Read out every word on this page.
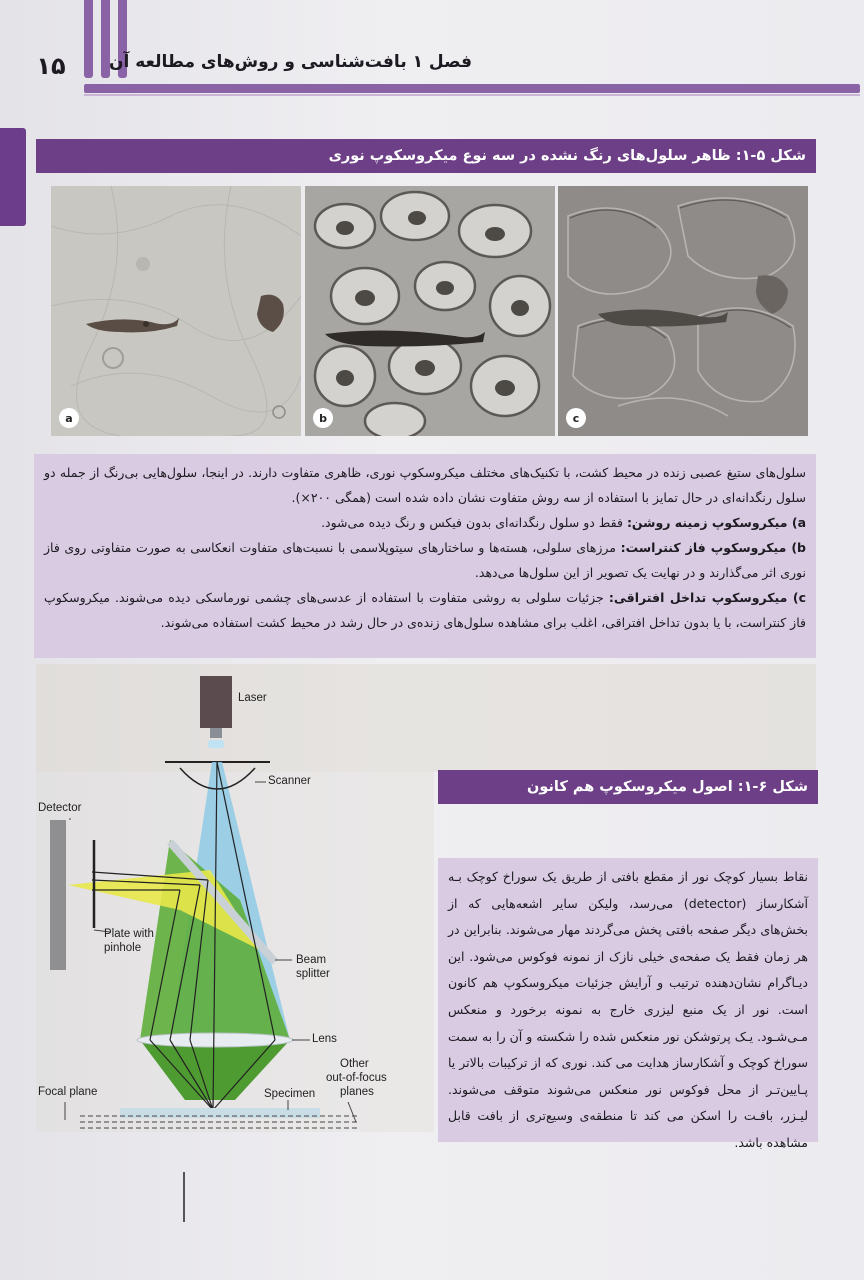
۱۵	فصل ۱ بافت‌شناسی و روش‌های مطالعه آن
شکل ۵-۱: ظاهر سلول‌های رنگ نشده در سه نوع میکروسکوپ نوری
a	b	c

سلول‌های ستیغ عصبی زنده در محیط کشت، با تکنیک‌های مختلف میکروسکوپ نوری، ظاهری متفاوت دارند. در اینجا، سلول‌هایی بی‌رنگ از جمله دو سلول رنگدانه‌ای در حال تمایز با استفاده از سه روش متفاوت نشان داده شده است (همگی ۲۰۰×).

a) میکروسکوپ زمینه روشن: فقط دو سلول رنگدانه‌ای بدون فیکس و رنگ دیده می‌شود.

b) میکروسکوپ فاز کنتراست: مرزهای سلولی، هسته‌ها و ساختارهای سیتوپلاسمی با نسبت‌های متفاوت انعکاسی به صورت متفاوتی روی فاز نوری اثر می‌گذارند و در نهایت یک تصویر از این سلول‌ها می‌دهد.

c) میکروسکوپ تداخل افتراقی: جزئیات سلولی به روشی متفاوت با استفاده از عدسی‌های چشمی نورماسکی دیده می‌شوند. میکروسکوپ فاز کنتراست، با یا بدون تداخل افتراقی، اغلب برای مشاهده سلول‌های زنده‌ی در حال رشد در محیط کشت استفاده می‌شوند.

Laser
Scanner
Detector
Plate with
pinhole
Beam
splitter
Lens
Focal plane	Specimen
Other
out-of-focus
planes
شکل ۶-۱: اصول میکروسکوپ هم کانون
نقاط بسیار کوچک نور از مقطع بافتی از طریق یک سوراخ کوچک بـه آشکارساز (detector) می‌رسد، ولیکن سایر اشعه‌هایی که از بخش‌های دیگر صفحه بافتی پخش می‌گردند مهار می‌شوند. بنابراین در هر زمان فقط یک صفحه‌ی خیلی نازک از نمونه فوکوس می‌شود. این دیـاگرام نشان‌دهنده ترتیب و آرایش جزئیات میکروسکوپ هم کانون است. نور از یک منبع لیزری خارج به نمونه برخورد و منعکس مـی‌شـود. یـک پرتوشکن نور منعکس شده را شکسته و آن را به سمت سوراخ کوچک و آشکارساز هدایت می کند. نوری که از ترکیبات بالاتر یا پـایین‌تـر از محل فوکوس نور منعکس می‌شوند متوقف می‌شوند. لیـزر، بافـت را اسکن می کند تا منطقه‌ی وسیع‌تری از بافت قابل مشاهده باشد.
